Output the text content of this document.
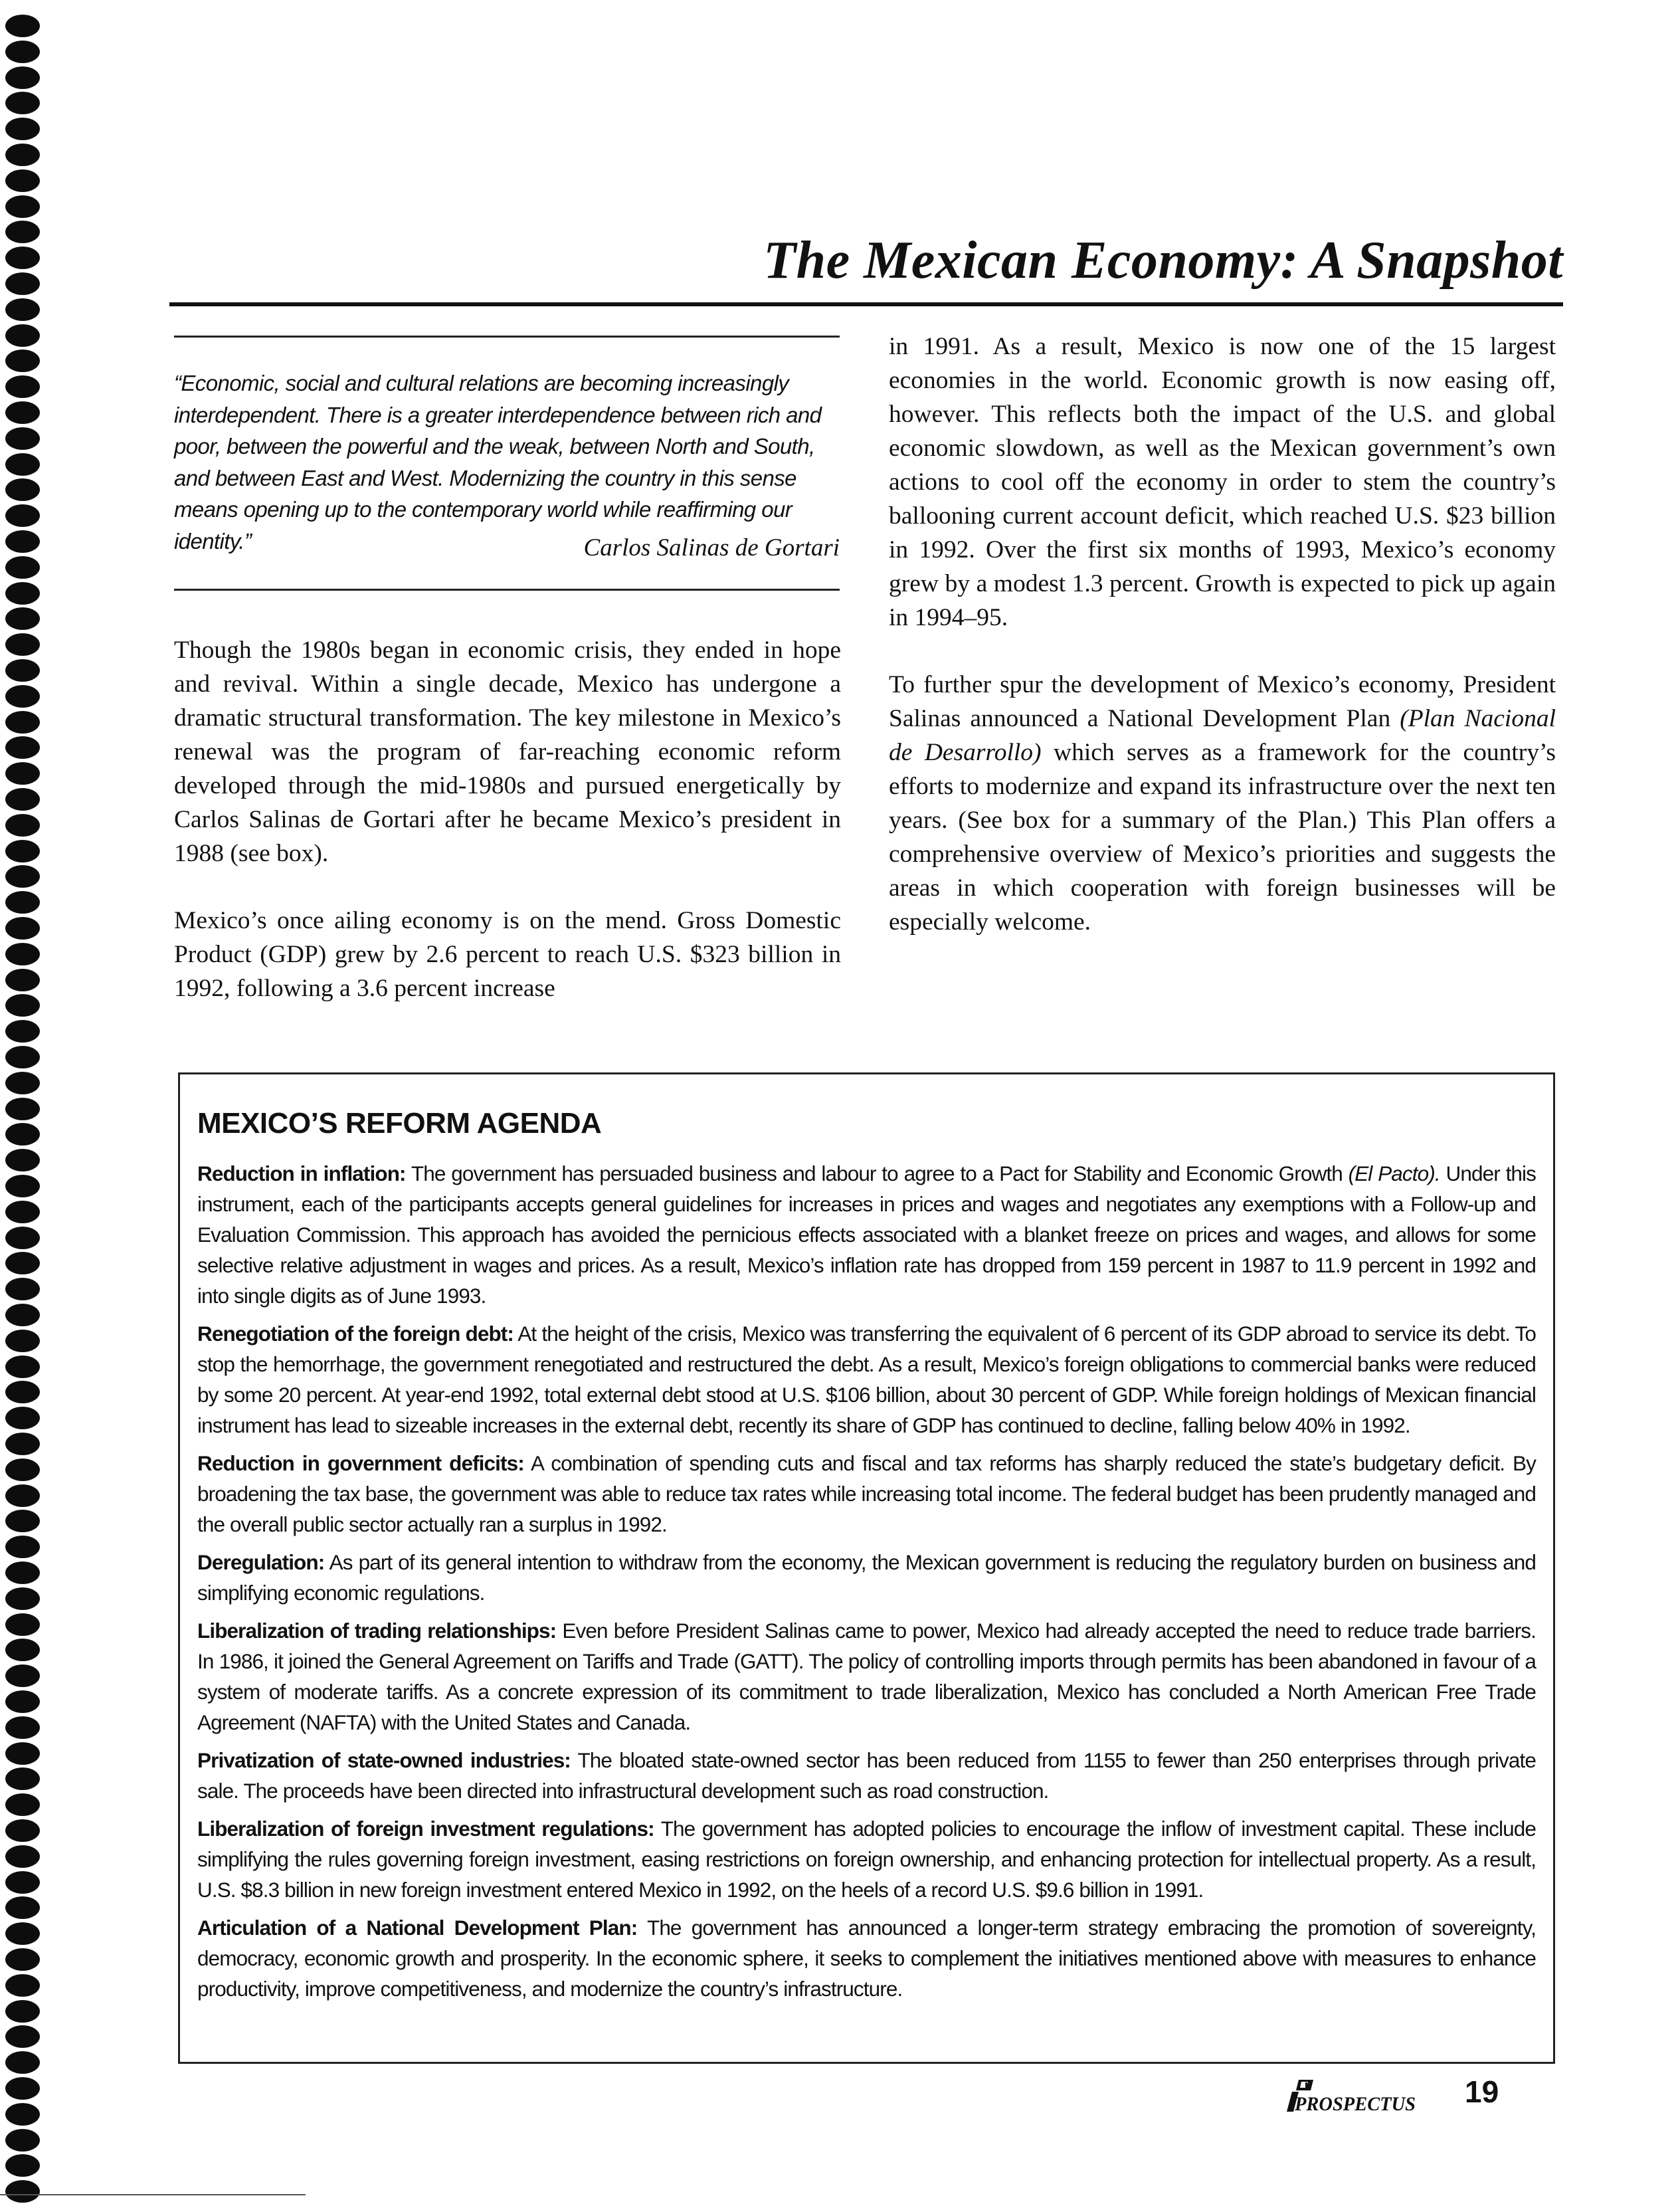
The Mexican Economy: A Snapshot
“Economic, social and cultural relations are becoming increasingly interdependent. There is a greater interdependence between rich and poor, between the powerful and the weak, between North and South, and between East and West. Modernizing the country in this sense means opening up to the contemporary world while reaffirming our identity.”	Carlos Salinas de Gortari

Though the 1980s began in economic crisis, they ended in hope and revival. Within a single decade, Mexico has undergone a dramatic structural transformation. The key milestone in Mexico’s renewal was the program of far-reaching economic reform developed through the mid-1980s and pursued energetically by Carlos Salinas de Gortari after he became Mexico’s president in 1988 (see box).

Mexico’s once ailing economy is on the mend. Gross Domestic Product (GDP) grew by 2.6 percent to reach U.S. $323 billion in 1992, following a 3.6 percent increase

in 1991. As a result, Mexico is now one of the 15 largest economies in the world. Economic growth is now easing off, however. This reflects both the impact of the U.S. and global economic slowdown, as well as the Mexican government’s own actions to cool off the economy in order to stem the country’s ballooning current account deficit, which reached U.S. $23 billion in 1992. Over the first six months of 1993, Mexico’s economy grew by a modest 1.3 percent. Growth is expected to pick up again in 1994–95.

To further spur the development of Mexico’s economy, President Salinas announced a National Development Plan (Plan Nacional de Desarrollo) which serves as a framework for the country’s efforts to modernize and expand its infrastructure over the next ten years. (See box for a summary of the Plan.) This Plan offers a comprehensive overview of Mexico’s priorities and suggests the areas in which cooperation with foreign businesses will be especially welcome.

MEXICO’S REFORM AGENDA

Reduction in inflation: The government has persuaded business and labour to agree to a Pact for Stability and Economic Growth (El Pacto). Under this instrument, each of the participants accepts general guidelines for increases in prices and wages and negotiates any exemptions with a Follow-up and Evaluation Commission. This approach has avoided the pernicious effects associated with a blanket freeze on prices and wages, and allows for some selective relative adjustment in wages and prices. As a result, Mexico’s inflation rate has dropped from 159 percent in 1987 to 11.9 percent in 1992 and into single digits as of June 1993.

Renegotiation of the foreign debt: At the height of the crisis, Mexico was transferring the equivalent of 6 percent of its GDP abroad to service its debt. To stop the hemorrhage, the government renegotiated and restructured the debt. As a result, Mexico’s foreign obligations to commercial banks were reduced by some 20 percent. At year-end 1992, total external debt stood at U.S. $106 billion, about 30 percent of GDP. While foreign holdings of Mexican financial instrument has lead to sizeable increases in the external debt, recently its share of GDP has continued to decline, falling below 40% in 1992.

Reduction in government deficits: A combination of spending cuts and fiscal and tax reforms has sharply reduced the state’s budgetary deficit. By broadening the tax base, the government was able to reduce tax rates while increasing total income. The federal budget has been prudently managed and the overall public sector actually ran a surplus in 1992.

Deregulation: As part of its general intention to withdraw from the economy, the Mexican government is reducing the regulatory burden on business and simplifying economic regulations.

Liberalization of trading relationships: Even before President Salinas came to power, Mexico had already accepted the need to reduce trade barriers. In 1986, it joined the General Agreement on Tariffs and Trade (GATT). The policy of controlling imports through permits has been abandoned in favour of a system of moderate tariffs. As a concrete expression of its commitment to trade liberalization, Mexico has concluded a North American Free Trade Agreement (NAFTA) with the United States and Canada.

Privatization of state-owned industries: The bloated state-owned sector has been reduced from 1155 to fewer than 250 enterprises through private sale. The proceeds have been directed into infrastructural development such as road construction.

Liberalization of foreign investment regulations: The government has adopted policies to encourage the inflow of investment capital. These include simplifying the rules governing foreign investment, easing restrictions on foreign ownership, and enhancing protection for intellectual property. As a result, U.S. $8.3 billion in new foreign investment entered Mexico in 1992, on the heels of a record U.S. $9.6 billion in 1991.

Articulation of a National Development Plan: The government has announced a longer-term strategy embracing the promotion of sovereignty, democracy, economic growth and prosperity. In the economic sphere, it seeks to complement the initiatives mentioned above with measures to enhance productivity, improve competitiveness, and modernize the country’s infrastructure.

PROSPECTUS 19
